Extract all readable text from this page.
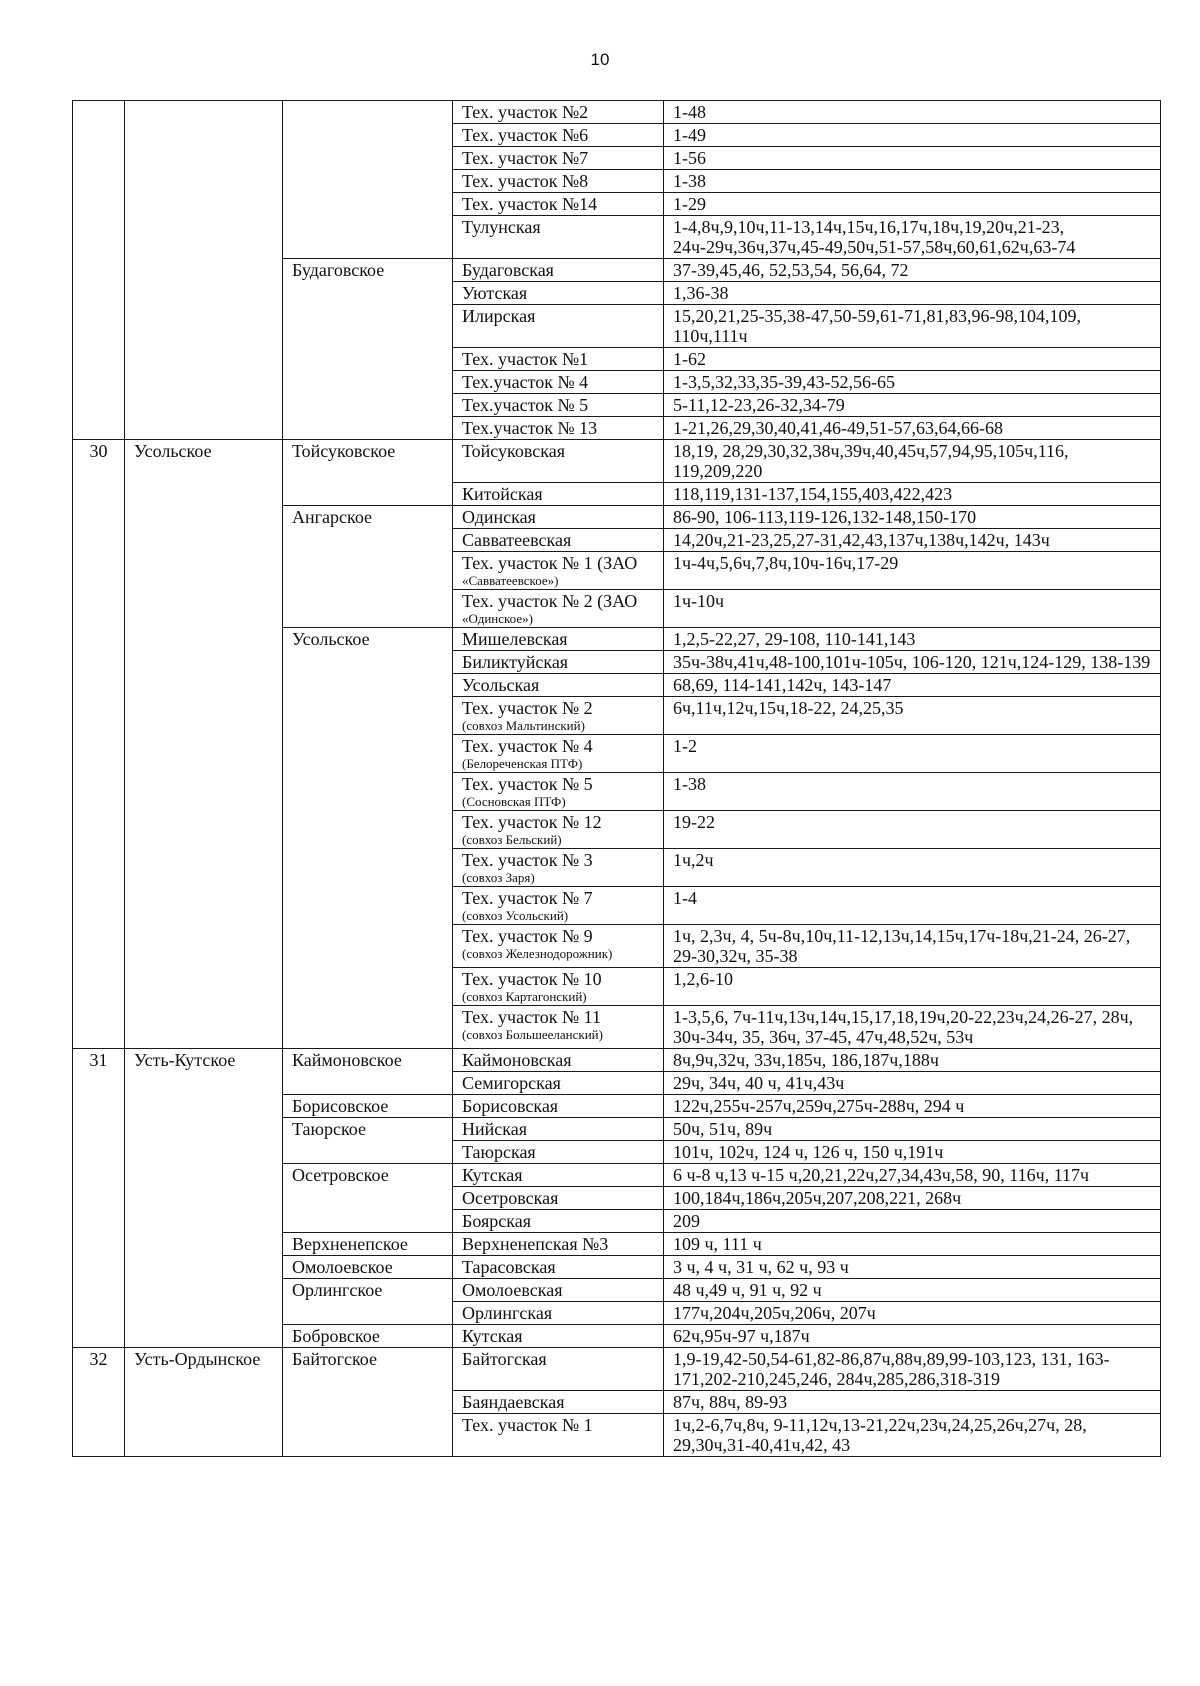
10
			Тех. участок №2	1-48
			Тех. участок №6	1-49
			Тех. участок №7	1-56
			Тех. участок №8	1-38
			Тех. участок №14	1-29
			Тулунская	1-4,8ч,9,10ч,11-13,14ч,15ч,16,17ч,18ч,19,20ч,21-23, 24ч-29ч,36ч,37ч,45-49,50ч,51-57,58ч,60,61,62ч,63-74
		Будаговское	Будаговская	37-39,45,46, 52,53,54, 56,64, 72
			Уютская	1,36-38
			Илирская	15,20,21,25-35,38-47,50-59,61-71,81,83,96-98,104,109, 110ч,111ч
			Тех. участок №1	1-62
			Тех.участок № 4	1-3,5,32,33,35-39,43-52,56-65
			Тех.участок № 5	5-11,12-23,26-32,34-79
			Тех.участок № 13	1-21,26,29,30,40,41,46-49,51-57,63,64,66-68
30	Усольское	Тойсуковское	Тойсуковская	18,19, 28,29,30,32,38ч,39ч,40,45ч,57,94,95,105ч,116, 119,209,220
			Китойская	118,119,131-137,154,155,403,422,423
		Ангарское	Одинская	86-90, 106-113,119-126,132-148,150-170
			Савватеевская	14,20ч,21-23,25,27-31,42,43,137ч,138ч,142ч, 143ч
			Тех. участок № 1 (ЗАО
«Савватеевское»)	1ч-4ч,5,6ч,7,8ч,10ч-16ч,17-29
			Тех. участок № 2 (ЗАО
«Одинское»)	1ч-10ч
		Усольское	Мишелевская	1,2,5-22,27, 29-108, 110-141,143
			Биликтуйская	35ч-38ч,41ч,48-100,101ч-105ч, 106-120, 121ч,124-129, 138-139
			Усольская	68,69, 114-141,142ч, 143-147
			Тех. участок № 2
(совхоз Мальтинский)	6ч,11ч,12ч,15ч,18-22, 24,25,35
			Тех. участок № 4
(Белореченская ПТФ)	1-2
			Тех. участок № 5
(Сосновская ПТФ)	1-38
			Тех. участок № 12
(совхоз Бельский)	19-22
			Тех. участок № 3
(совхоз Заря)	1ч,2ч
			Тех. участок № 7
(совхоз Усольский)	1-4
			Тех. участок № 9
(совхоз Железнодорожник)	1ч, 2,3ч, 4, 5ч-8ч,10ч,11-12,13ч,14,15ч,17ч-18ч,21-24, 26-27, 29-30,32ч, 35-38
			Тех. участок № 10
(совхоз Картагонский)	1,2,6-10
			Тех. участок № 11
(совхоз Большееланский)	1-3,5,6, 7ч-11ч,13ч,14ч,15,17,18,19ч,20-22,23ч,24,26-27, 28ч, 30ч-34ч, 35, 36ч, 37-45, 47ч,48,52ч, 53ч
31	Усть-Кутское	Каймоновское	Каймоновская	8ч,9ч,32ч, 33ч,185ч, 186,187ч,188ч
			Семигорская	29ч, 34ч, 40 ч, 41ч,43ч
		Борисовское	Борисовская	122ч,255ч-257ч,259ч,275ч-288ч, 294 ч
		Таюрское	Нийская	50ч, 51ч, 89ч
			Таюрская	101ч, 102ч, 124 ч, 126 ч, 150 ч,191ч
		Осетровское	Кутская	6 ч-8 ч,13 ч-15 ч,20,21,22ч,27,34,43ч,58, 90, 116ч, 117ч
			Осетровская	100,184ч,186ч,205ч,207,208,221, 268ч
			Боярская	209
		Верхненепское	Верхненепская №3	109 ч, 111 ч
		Омолоевское	Тарасовская	3 ч, 4 ч, 31 ч, 62 ч, 93 ч
		Орлингское	Омолоевская	48 ч,49 ч, 91 ч, 92 ч
			Орлингская	177ч,204ч,205ч,206ч, 207ч
		Бобровское	Кутская	62ч,95ч-97 ч,187ч
32	Усть-Ордынское	Байтогское	Байтогская	1,9-19,42-50,54-61,82-86,87ч,88ч,89,99-103,123, 131, 163-171,202-210,245,246, 284ч,285,286,318-319
			Баяндаевская	87ч, 88ч, 89-93
			Тех. участок № 1	1ч,2-6,7ч,8ч, 9-11,12ч,13-21,22ч,23ч,24,25,26ч,27ч, 28, 29,30ч,31-40,41ч,42, 43
